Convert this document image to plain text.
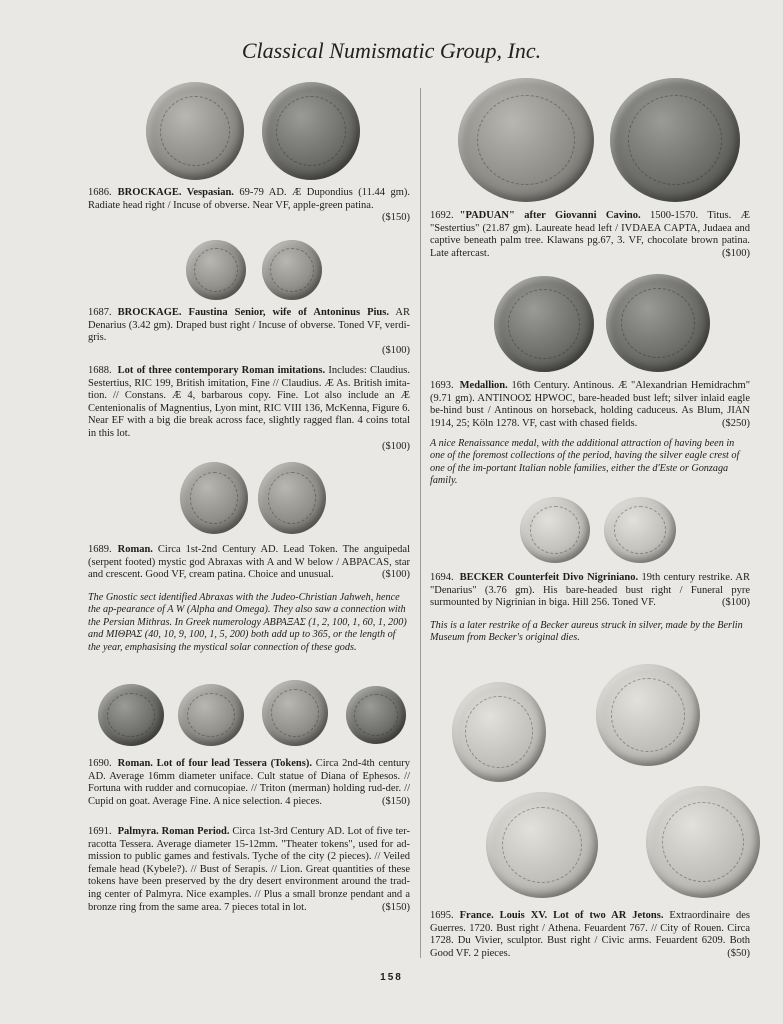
Classical Numismatic Group, Inc.
1686. BROCKAGE. Vespasian. 69-79 AD. Æ Dupondius (11.44 gm). Radiate head right / Incuse of obverse. Near VF, apple-green patina.
($150)
1687. BROCKAGE. Faustina Senior, wife of Antoninus Pius. AR Denarius (3.42 gm). Draped bust right / Incuse of obverse. Toned VF, verdi-gris.
($100)
1688. Lot of three contemporary Roman imitations. Includes: Claudius. Sestertius, RIC 199, British imitation, Fine // Claudius. Æ As. British imita-tion. // Constans. Æ 4, barbarous copy. Fine. Lot also include an Æ Centenionalis of Magnentius, Lyon mint, RIC VIII 136, McKenna, Figure 6. Near EF with a big die break across face, slightly ragged flan. 4 coins total in this lot.
($100)
1689. Roman. Circa 1st-2nd Century AD. Lead Token. The anguipedal (serpent footed) mystic god Abraxas with A and W below / ABPACAS, star and crescent. Good VF, cream patina. Choice and unusual.	($100)
The Gnostic sect identified Abraxas with the Judeo-Christian Jahweh, hence the ap-pearance of A W (Alpha and Omega). They also saw a connection with the Persian Mithras. In Greek numerology ABPAΞAΣ (1, 2, 100, 1, 60, 1, 200) and MIΘPAΣ (40, 10, 9, 100, 1, 5, 200) both add up to 365, or the length of the year, emphasising the mystical solar connection of these gods.
1690. Roman. Lot of four lead Tessera (Tokens). Circa 2nd-4th century AD. Average 16mm diameter uniface. Cult statue of Diana of Ephesos. // Fortuna with rudder and cornucopiae. // Triton (merman) holding rud-der. // Cupid on goat. Average Fine. A nice selection. 4 pieces.	($150)
1691. Palmyra. Roman Period. Circa 1st-3rd Century AD. Lot of five ter-racotta Tessera. Average diameter 15-12mm. "Theater tokens", used for ad-mission to public games and festivals. Tyche of the city (2 pieces). // Veiled female head (Kybele?). // Bust of Serapis. // Lion. Great quantities of these tokens have been preserved by the dry desert environment around the trad-ing center of Palmyra. Nice examples. // Plus a small bronze pendant and a bronze ring from the same area. 7 pieces total in lot.	($150)
1692. "PADUAN" after Giovanni Cavino. 1500-1570. Titus. Æ "Sestertius" (21.87 gm). Laureate head left / IVDAEA CAPTA, Judaea and captive beneath palm tree. Klawans pg.67, 3. VF, chocolate brown patina. Late aftercast.	($100)
1693. Medallion. 16th Century. Antinous. Æ "Alexandrian Hemidrachm" (9.71 gm). ANTINOOΣ HPWOC, bare-headed bust left; silver inlaid eagle be-hind bust / Antinous on horseback, holding caduceus. As Blum, JIAN 1914, 25; Köln 1278. VF, cast with chased fields.	($250)
A nice Renaissance medal, with the additional attraction of having been in one of the foremost collections of the period, having the silver eagle crest of one of the im-portant Italian noble families, either the d'Este or Gonzaga family.
1694. BECKER Counterfeit Divo Nigriniano. 19th century restrike. AR "Denarius" (3.76 gm). His bare-headed bust right / Funeral pyre surmounted by Nigrinian in biga. Hill 256. Toned VF.	($100)
This is a later restrike of a Becker aureus struck in silver, made by the Berlin Museum from Becker's original dies.
1695. France. Louis XV. Lot of two AR Jetons. Extraordinaire des Guerres. 1720. Bust right / Athena. Feuardent 767. // City of Rouen. Circa 1728. Du Vivier, sculptor. Bust right / Civic arms. Feuardent 6209. Both Good VF. 2 pieces.	($50)
158
